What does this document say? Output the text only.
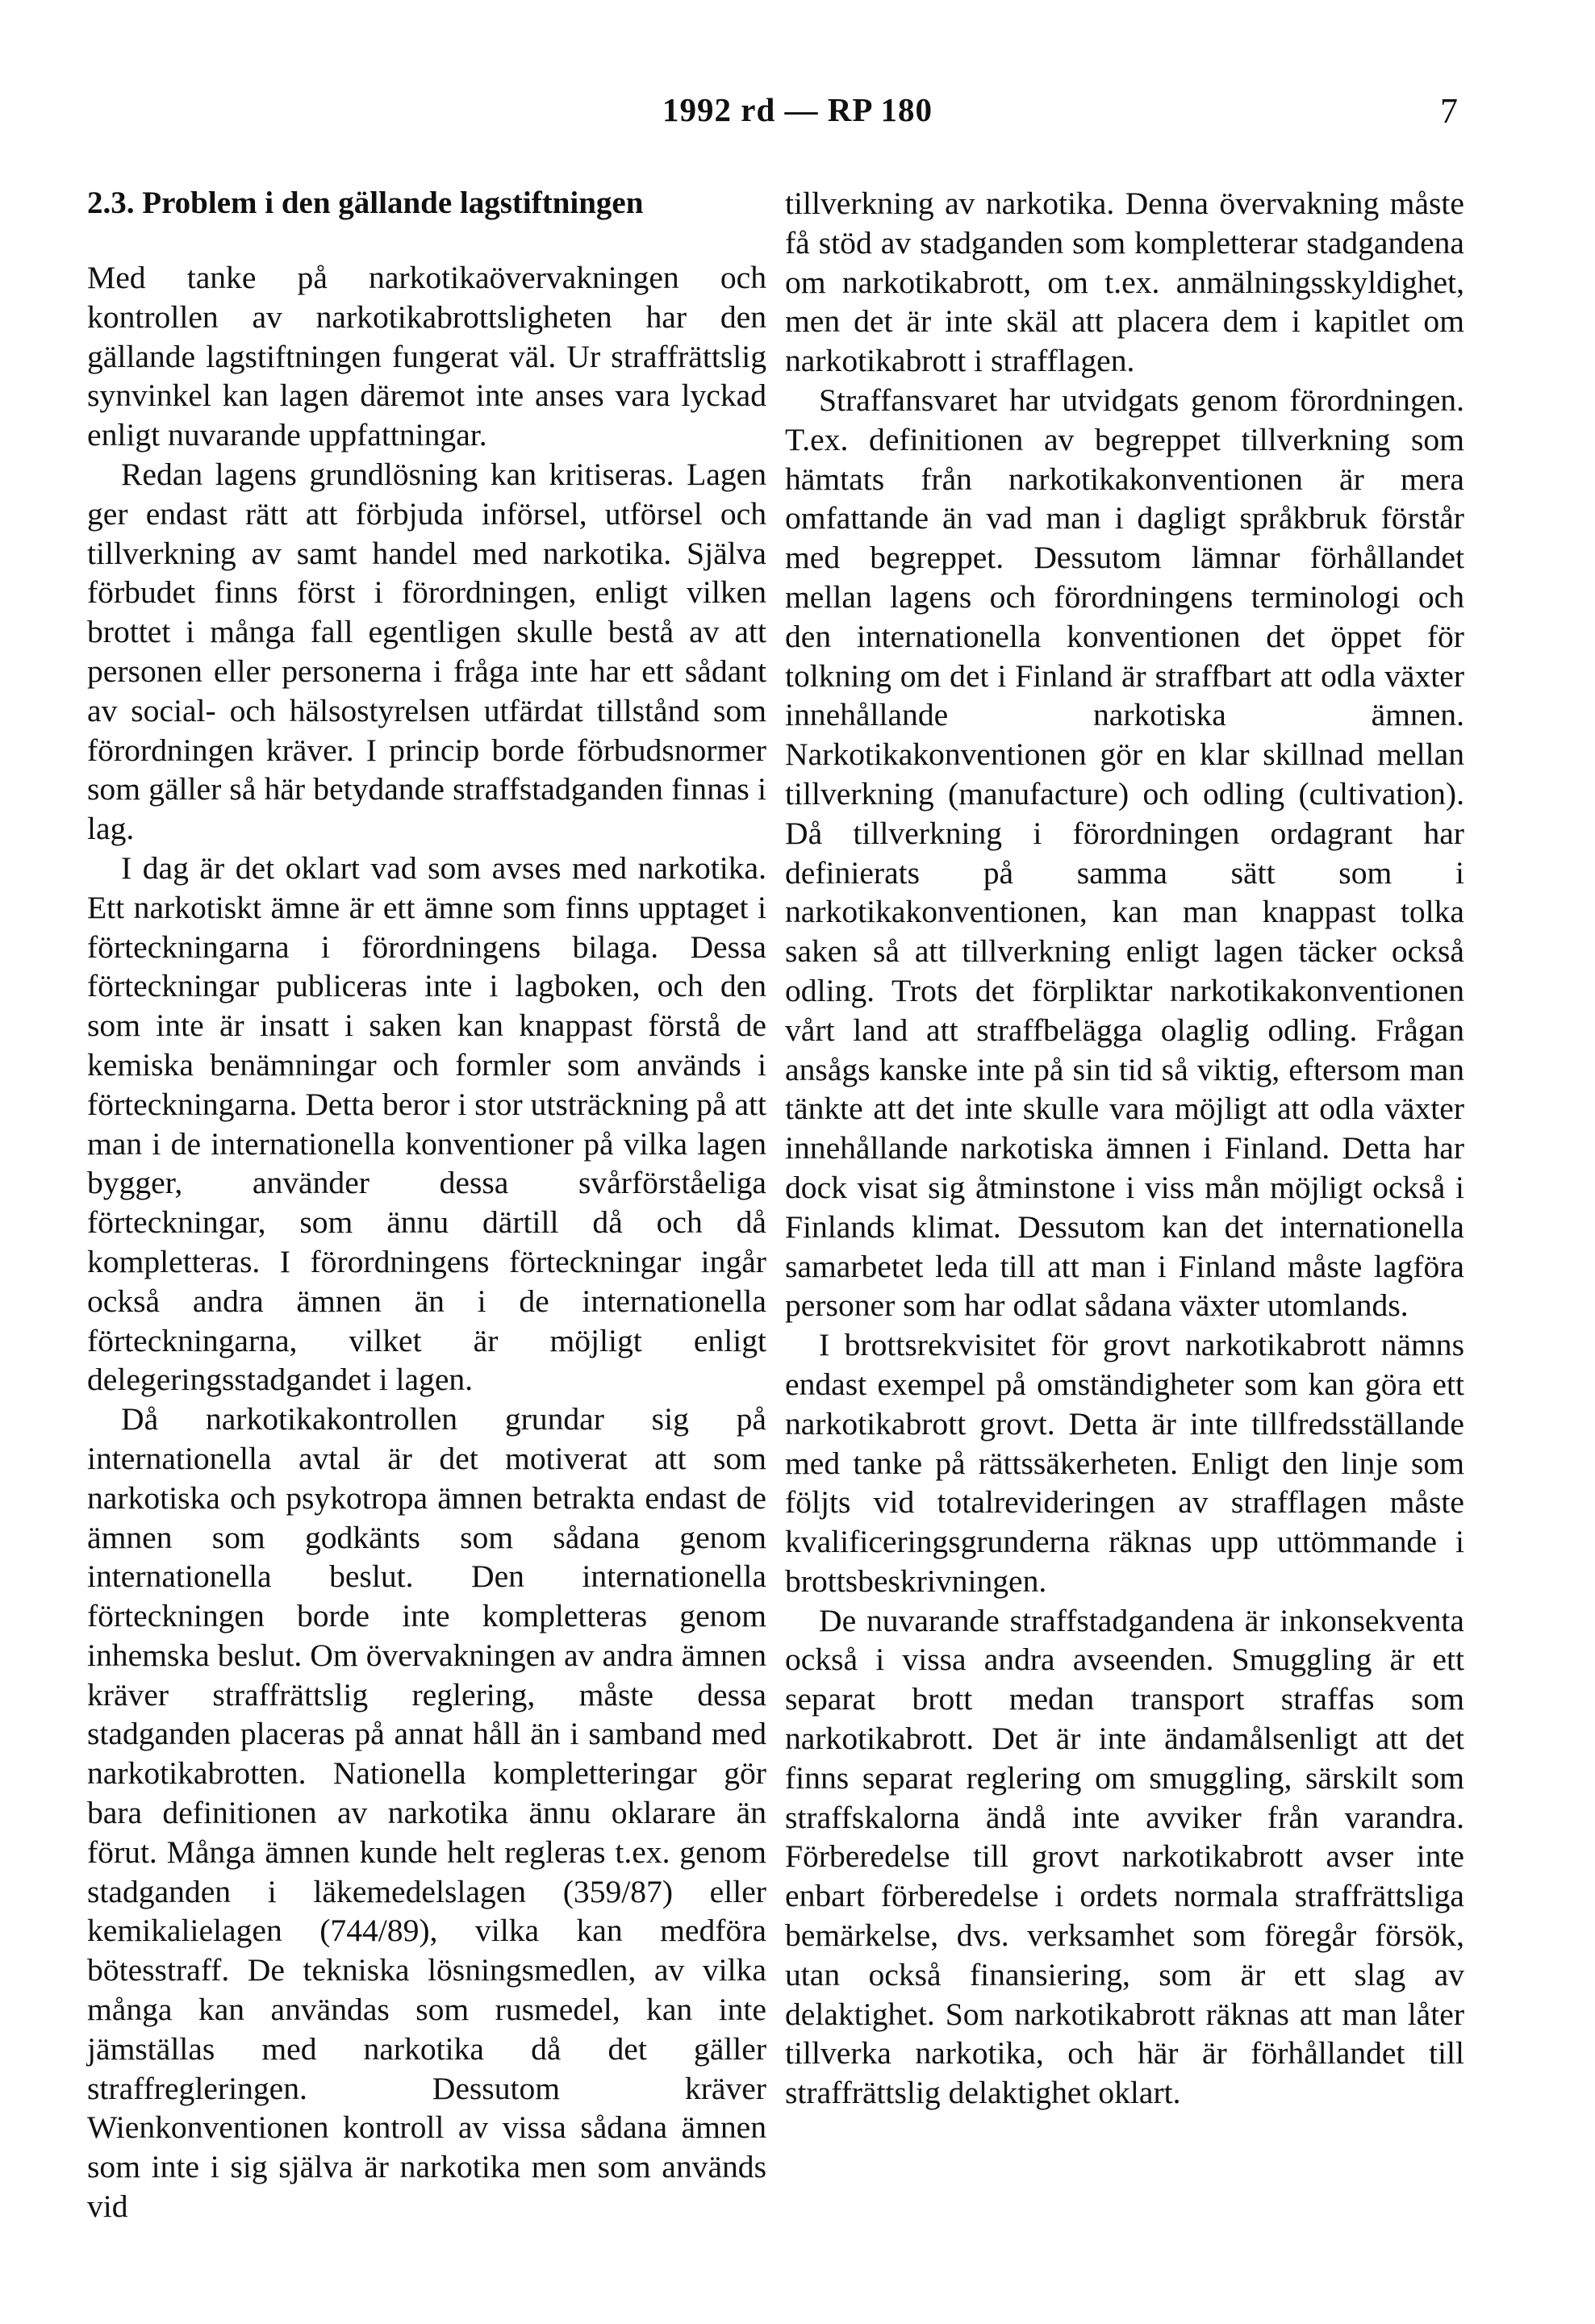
1992 rd — RP 180	7
2.3. Problem i den gällande lagstiftningen

Med tanke på narkotikaövervakningen och kontrollen av narkotikabrottsligheten har den gällande lagstiftningen fungerat väl. Ur straffrättslig synvinkel kan lagen däremot inte anses vara lyckad enligt nuvarande uppfattningar.

Redan lagens grundlösning kan kritiseras. Lagen ger endast rätt att förbjuda införsel, utförsel och tillverkning av samt handel med narkotika. Själva förbudet finns först i förordningen, enligt vilken brottet i många fall egentligen skulle bestå av att personen eller personerna i fråga inte har ett sådant av social- och hälsostyrelsen utfärdat tillstånd som förordningen kräver. I princip borde förbudsnormer som gäller så här betydande straffstadganden finnas i lag.

I dag är det oklart vad som avses med narkotika. Ett narkotiskt ämne är ett ämne som finns upptaget i förteckningarna i förordningens bilaga. Dessa förteckningar publiceras inte i lagboken, och den som inte är insatt i saken kan knappast förstå de kemiska benämningar och formler som används i förteckningarna. Detta beror i stor utsträckning på att man i de internationella konventioner på vilka lagen bygger, använder dessa svårförståeliga förteckningar, som ännu därtill då och då kompletteras. I förordningens förteckningar ingår också andra ämnen än i de internationella förteckningarna, vilket är möjligt enligt delegeringsstadgandet i lagen.

Då narkotikakontrollen grundar sig på internationella avtal är det motiverat att som narkotiska och psykotropa ämnen betrakta endast de ämnen som godkänts som sådana genom internationella beslut. Den internationella förteckningen borde inte kompletteras genom inhemska beslut. Om övervakningen av andra ämnen kräver straffrättslig reglering, måste dessa stadganden placeras på annat håll än i samband med narkotikabrotten. Nationella kompletteringar gör bara definitionen av narkotika ännu oklarare än förut. Många ämnen kunde helt regleras t.ex. genom stadganden i läkemedelslagen (359/87) eller kemikalielagen (744/89), vilka kan medföra bötesstraff. De tekniska lösningsmedlen, av vilka många kan användas som rusmedel, kan inte jämställas med narkotika då det gäller straffregleringen. Dessutom kräver Wienkonventionen kontroll av vissa sådana ämnen som inte i sig själva är narkotika men som används vid

tillverkning av narkotika. Denna övervakning måste få stöd av stadganden som kompletterar stadgandena om narkotikabrott, om t.ex. anmälningsskyldighet, men det är inte skäl att placera dem i kapitlet om narkotikabrott i strafflagen.

Straffansvaret har utvidgats genom förordningen. T.ex. definitionen av begreppet tillverkning som hämtats från narkotikakonventionen är mera omfattande än vad man i dagligt språkbruk förstår med begreppet. Dessutom lämnar förhållandet mellan lagens och förordningens terminologi och den internationella konventionen det öppet för tolkning om det i Finland är straffbart att odla växter innehållande narkotiska ämnen. Narkotikakonventionen gör en klar skillnad mellan tillverkning (manufacture) och odling (cultivation). Då tillverkning i förordningen ordagrant har definierats på samma sätt som i narkotikakonventionen, kan man knappast tolka saken så att tillverkning enligt lagen täcker också odling. Trots det förpliktar narkotikakonventionen vårt land att straffbelägga olaglig odling. Frågan ansågs kanske inte på sin tid så viktig, eftersom man tänkte att det inte skulle vara möjligt att odla växter innehållande narkotiska ämnen i Finland. Detta har dock visat sig åtminstone i viss mån möjligt också i Finlands klimat. Dessutom kan det internationella samarbetet leda till att man i Finland måste lagföra personer som har odlat sådana växter utomlands.

I brottsrekvisitet för grovt narkotikabrott nämns endast exempel på omständigheter som kan göra ett narkotikabrott grovt. Detta är inte tillfredsställande med tanke på rättssäkerheten. Enligt den linje som följts vid totalrevideringen av strafflagen måste kvalificeringsgrunderna räknas upp uttömmande i brottsbeskrivningen.

De nuvarande straffstadgandena är inkonsekventa också i vissa andra avseenden. Smuggling är ett separat brott medan transport straffas som narkotikabrott. Det är inte ändamålsenligt att det finns separat reglering om smuggling, särskilt som straffskalorna ändå inte avviker från varandra. Förberedelse till grovt narkotikabrott avser inte enbart förberedelse i ordets normala straffrättsliga bemärkelse, dvs. verksamhet som föregår försök, utan också finansiering, som är ett slag av delaktighet. Som narkotikabrott räknas att man låter tillverka narkotika, och här är förhållandet till straffrättslig delaktighet oklart.
